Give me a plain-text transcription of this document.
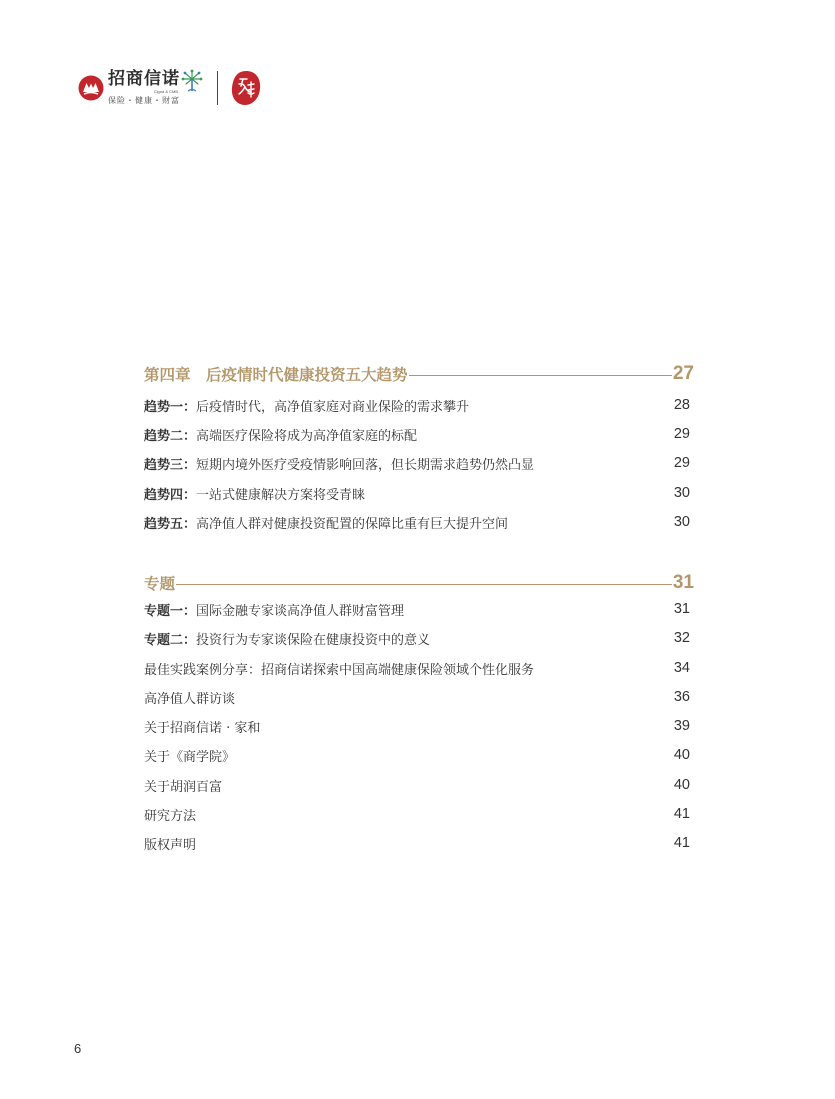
招商信诺
Cigna & CMB
保险・健康・财富
第四章　后疫情时代健康投资五大趋势	27
趋势一：后疫情时代，高净值家庭对商业保险的需求攀升	28
趋势二：高端医疗保险将成为高净值家庭的标配	29
趋势三：短期内境外医疗受疫情影响回落，但长期需求趋势仍然凸显	29
趋势四：一站式健康解决方案将受青睐	30
趋势五：高净值人群对健康投资配置的保障比重有巨大提升空间	30
专题	31
专题一：国际金融专家谈高净值人群财富管理	31
专题二：投资行为专家谈保险在健康投资中的意义	32
最佳实践案例分享：招商信诺探索中国高端健康保险领域个性化服务	34
高净值人群访谈	36
关于招商信诺 · 家和	39
关于《商学院》	40
关于胡润百富	40
研究方法	41
版权声明	41
6
